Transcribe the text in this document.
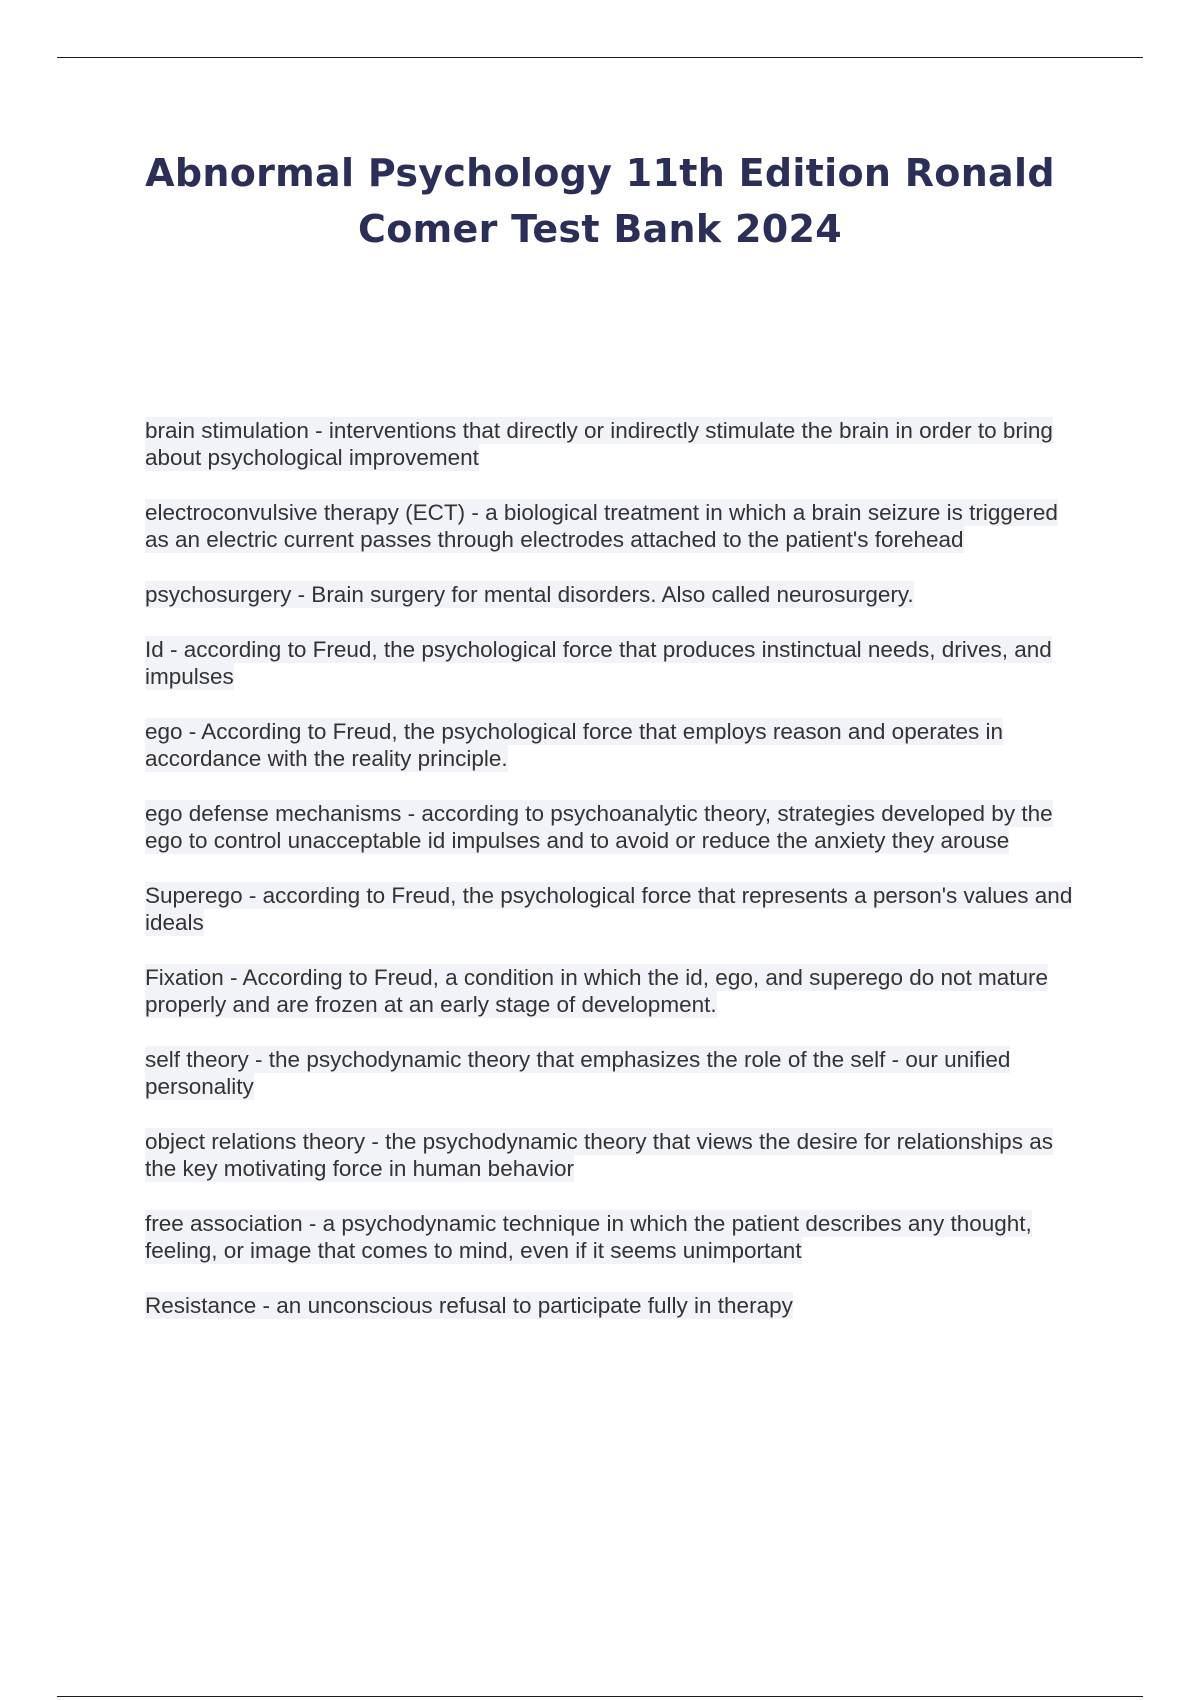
Abnormal Psychology 11th Edition Ronald
Comer Test Bank 2024
brain stimulation - interventions that directly or indirectly stimulate the brain in order to bring about psychological improvement
electroconvulsive therapy (ECT) - a biological treatment in which a brain seizure is triggered as an electric current passes through electrodes attached to the patient's forehead
psychosurgery - Brain surgery for mental disorders. Also called neurosurgery.
Id - according to Freud, the psychological force that produces instinctual needs, drives, and impulses
ego - According to Freud, the psychological force that employs reason and operates in accordance with the reality principle.
ego defense mechanisms - according to psychoanalytic theory, strategies developed by the ego to control unacceptable id impulses and to avoid or reduce the anxiety they arouse
Superego - according to Freud, the psychological force that represents a person's values and ideals
Fixation - According to Freud, a condition in which the id, ego, and superego do not mature properly and are frozen at an early stage of development.
self theory - the psychodynamic theory that emphasizes the role of the self - our unified personality
object relations theory - the psychodynamic theory that views the desire for relationships as the key motivating force in human behavior
free association - a psychodynamic technique in which the patient describes any thought, feeling, or image that comes to mind, even if it seems unimportant
Resistance - an unconscious refusal to participate fully in therapy
